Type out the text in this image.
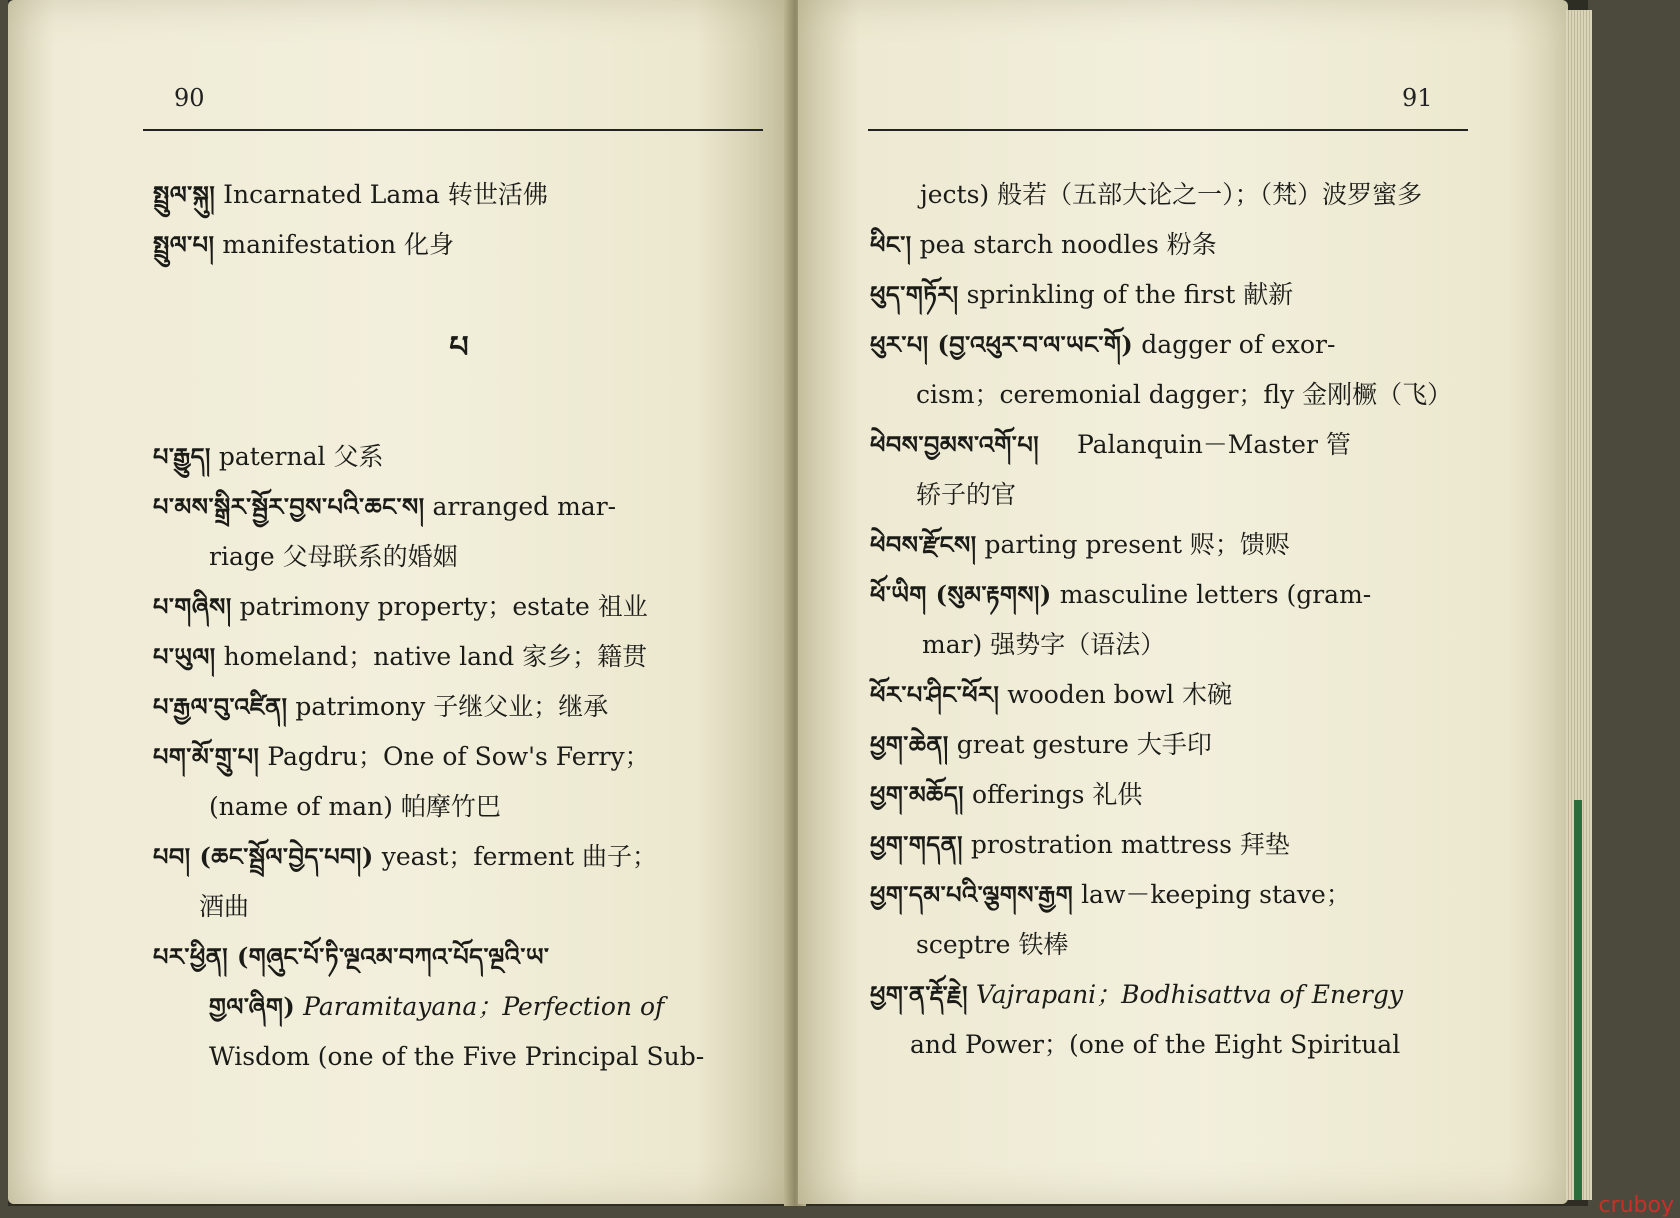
90

སྤྲུལ་སྐུ། Incarnated Lama 转世活佛

སྤྲུལ་པ། manifestation 化身

པ

པ་རྒྱུད། paternal 父系

པ་མས་སྒྲིར་སྦྱོར་བྱས་པའི་ཆང་ས། arranged mar-
riage 父母联系的婚姻

པ་གཞིས། patrimony property；estate 祖业

པ་ཡུལ། homeland；native land 家乡；籍贯

པ་རྒྱལ་བུ་འཛིན། patrimony 子继父业；继承

པག་མོ་གྲུ་པ། Pagdru；One of Sow's Ferry；
(name of man) 帕摩竹巴

པབ། (ཆང་སྦྲོལ་བྱེད་པབ།) yeast；ferment 曲子；
酒曲

པར་ཕྱིན། (གཞུང་པོ་ཏི་ལྔའམ་བཀའ་པོད་ལྔའི་ཡ་

གྱལ་ཞིག) Paramitayana；Perfection of

Wisdom (one of the Five Principal Sub-

91

jects) 般若（五部大论之一）；（梵）波罗蜜多

ཕིང་། pea starch noodles 粉条

ཕུད་གཏོར། sprinkling of the first 献新

ཕུར་པ། (བྱ་འཕུར་བ་ལ་ཡང་གོ) dagger of exor-
cism；ceremonial dagger；fly 金刚橛（飞）

ཕེབས་བྱམས་འགོ་པ། Palanquin－Master 管
轿子的官

ཕེབས་རྫོངས། parting present 赆；馈赆

ཕོ་ཡིག (སུམ་རྟགས།) masculine letters (gram-
mar) 强势字（语法）

ཕོར་པ་ཤིང་ཕོར། wooden bowl 木碗

ཕྱག་ཆེན། great gesture 大手印

ཕྱག་མཆོད། offerings 礼供

ཕྱག་གདན། prostration mattress 拜垫

ཕྱག་དམ་པའི་ལྕགས་རྒྱག law－keeping stave；
sceptre 铁棒

ཕྱག་ན་རྡོ་རྗེ། Vajrapani；Bodhisattva of Energy
and Power；(one of the Eight Spiritual

cruboy
